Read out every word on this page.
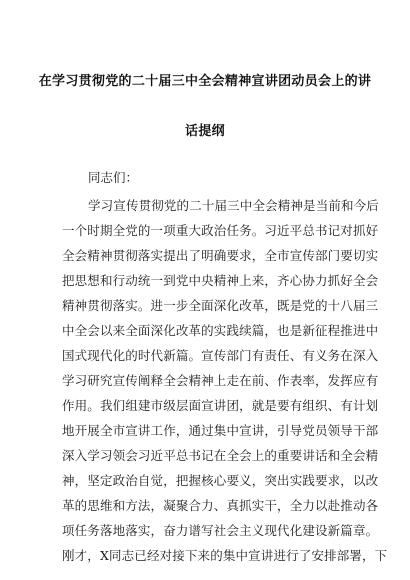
在学习贯彻党的二十届三中全会精神宣讲团动员会上的讲
话提纲
同志们：
学习宣传贯彻党的二十届三中全会精神是当前和今后
一个时期全党的一项重大政治任务。习近平总书记对抓好
全会精神贯彻落实提出了明确要求，全市宣传部门要切实
把思想和行动统一到党中央精神上来，齐心协力抓好全会
精神贯彻落实。进一步全面深化改革，既是党的十八届三
中全会以来全面深化改革的实践续篇，也是新征程推进中
国式现代化的时代新篇。宣传部门有责任、有义务在深入
学习研究宣传阐释全会精神上走在前、作表率，发挥应有
作用。我们组建市级层面宣讲团，就是要有组织、有计划
地开展全市宣讲工作，通过集中宣讲，引导党员领导干部
深入学习领会习近平总书记在全会上的重要讲话和全会精
神，坚定政治自觉，把握核心要义，突出实践要求，以改
革的思维和方法，凝聚合力、真抓实干，全力以赴推动各
项任务落地落实，奋力谱写社会主义现代化建设新篇章。
刚才，X同志已经对接下来的集中宣讲进行了安排部署，下
